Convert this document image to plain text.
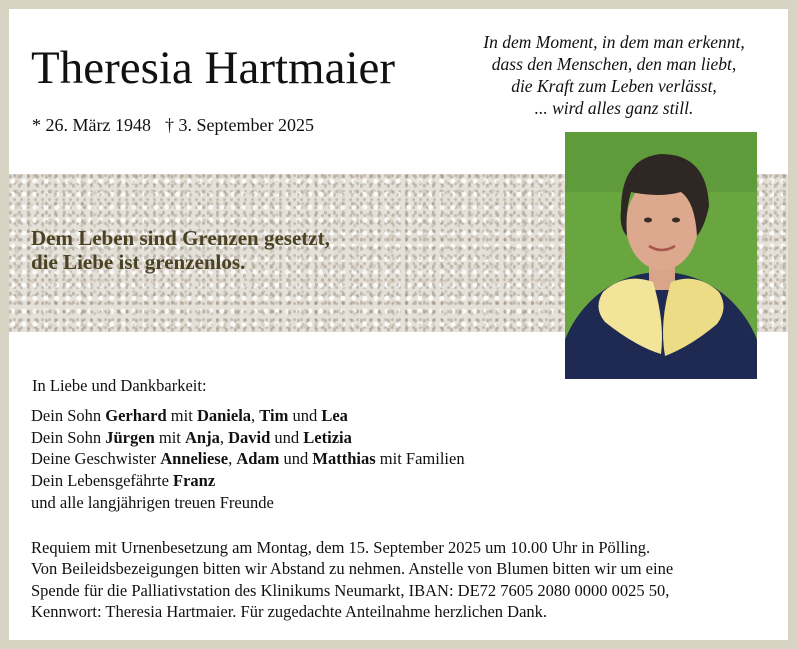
Theresia Hartmaier
* 26. März 1948 † 3. September 2025
In dem Moment, in dem man erkennt,
dass den Menschen, den man liebt,
die Kraft zum Leben verlässt,
... wird alles ganz still.
Dem Leben sind Grenzen gesetzt,
die Liebe ist grenzenlos.
In Liebe und Dankbarkeit:
Dein Sohn Gerhard mit Daniela, Tim und Lea
Dein Sohn Jürgen mit Anja, David und Letizia
Deine Geschwister Anneliese, Adam und Matthias mit Familien
Dein Lebensgefährte Franz
und alle langjährigen treuen Freunde
Requiem mit Urnenbesetzung am Montag, dem 15. September 2025 um 10.00 Uhr in Pölling.
Von Beileidsbezeigungen bitten wir Abstand zu nehmen. Anstelle von Blumen bitten wir um eine
Spende für die Palliativstation des Klinikums Neumarkt, IBAN: DE72 7605 2080 0000 0025 50,
Kennwort: Theresia Hartmaier. Für zugedachte Anteilnahme herzlichen Dank.
